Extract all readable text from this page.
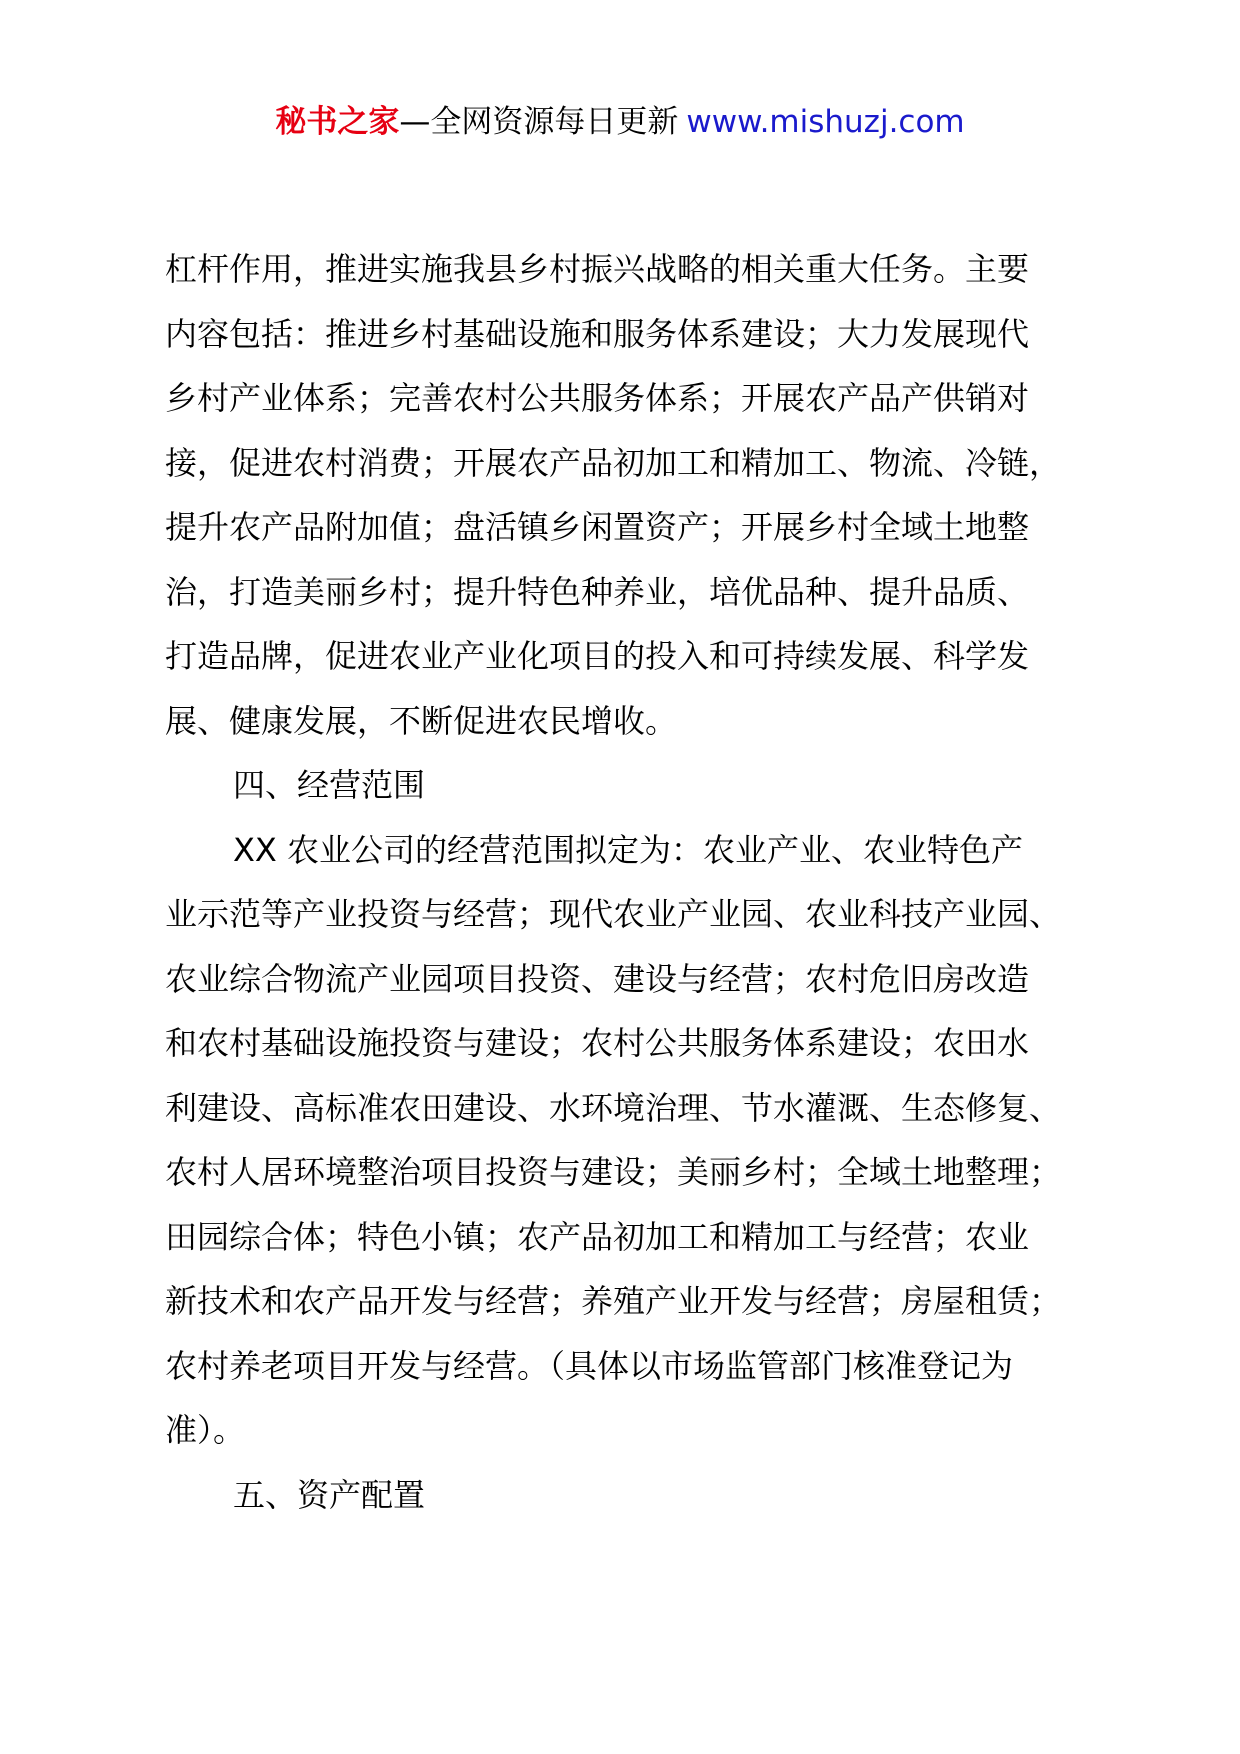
秘书之家—全网资源每日更新 www.mishuzj.com
杠杆作用，推进实施我县乡村振兴战略的相关重大任务。主要
内容包括：推进乡村基础设施和服务体系建设；大力发展现代
乡村产业体系；完善农村公共服务体系；开展农产品产供销对
接，促进农村消费；开展农产品初加工和精加工、物流、冷链，
提升农产品附加值；盘活镇乡闲置资产；开展乡村全域土地整
治，打造美丽乡村；提升特色种养业，培优品种、提升品质、
打造品牌，促进农业产业化项目的投入和可持续发展、科学发
展、健康发展，不断促进农民增收。
四、经营范围
XX 农业公司的经营范围拟定为：农业产业、农业特色产
业示范等产业投资与经营；现代农业产业园、农业科技产业园、
农业综合物流产业园项目投资、建设与经营；农村危旧房改造
和农村基础设施投资与建设；农村公共服务体系建设；农田水
利建设、高标准农田建设、水环境治理、节水灌溉、生态修复、
农村人居环境整治项目投资与建设；美丽乡村；全域土地整理；
田园综合体；特色小镇；农产品初加工和精加工与经营；农业
新技术和农产品开发与经营；养殖产业开发与经营；房屋租赁；
农村养老项目开发与经营。（具体以市场监管部门核准登记为
准）。
五、资产配置
